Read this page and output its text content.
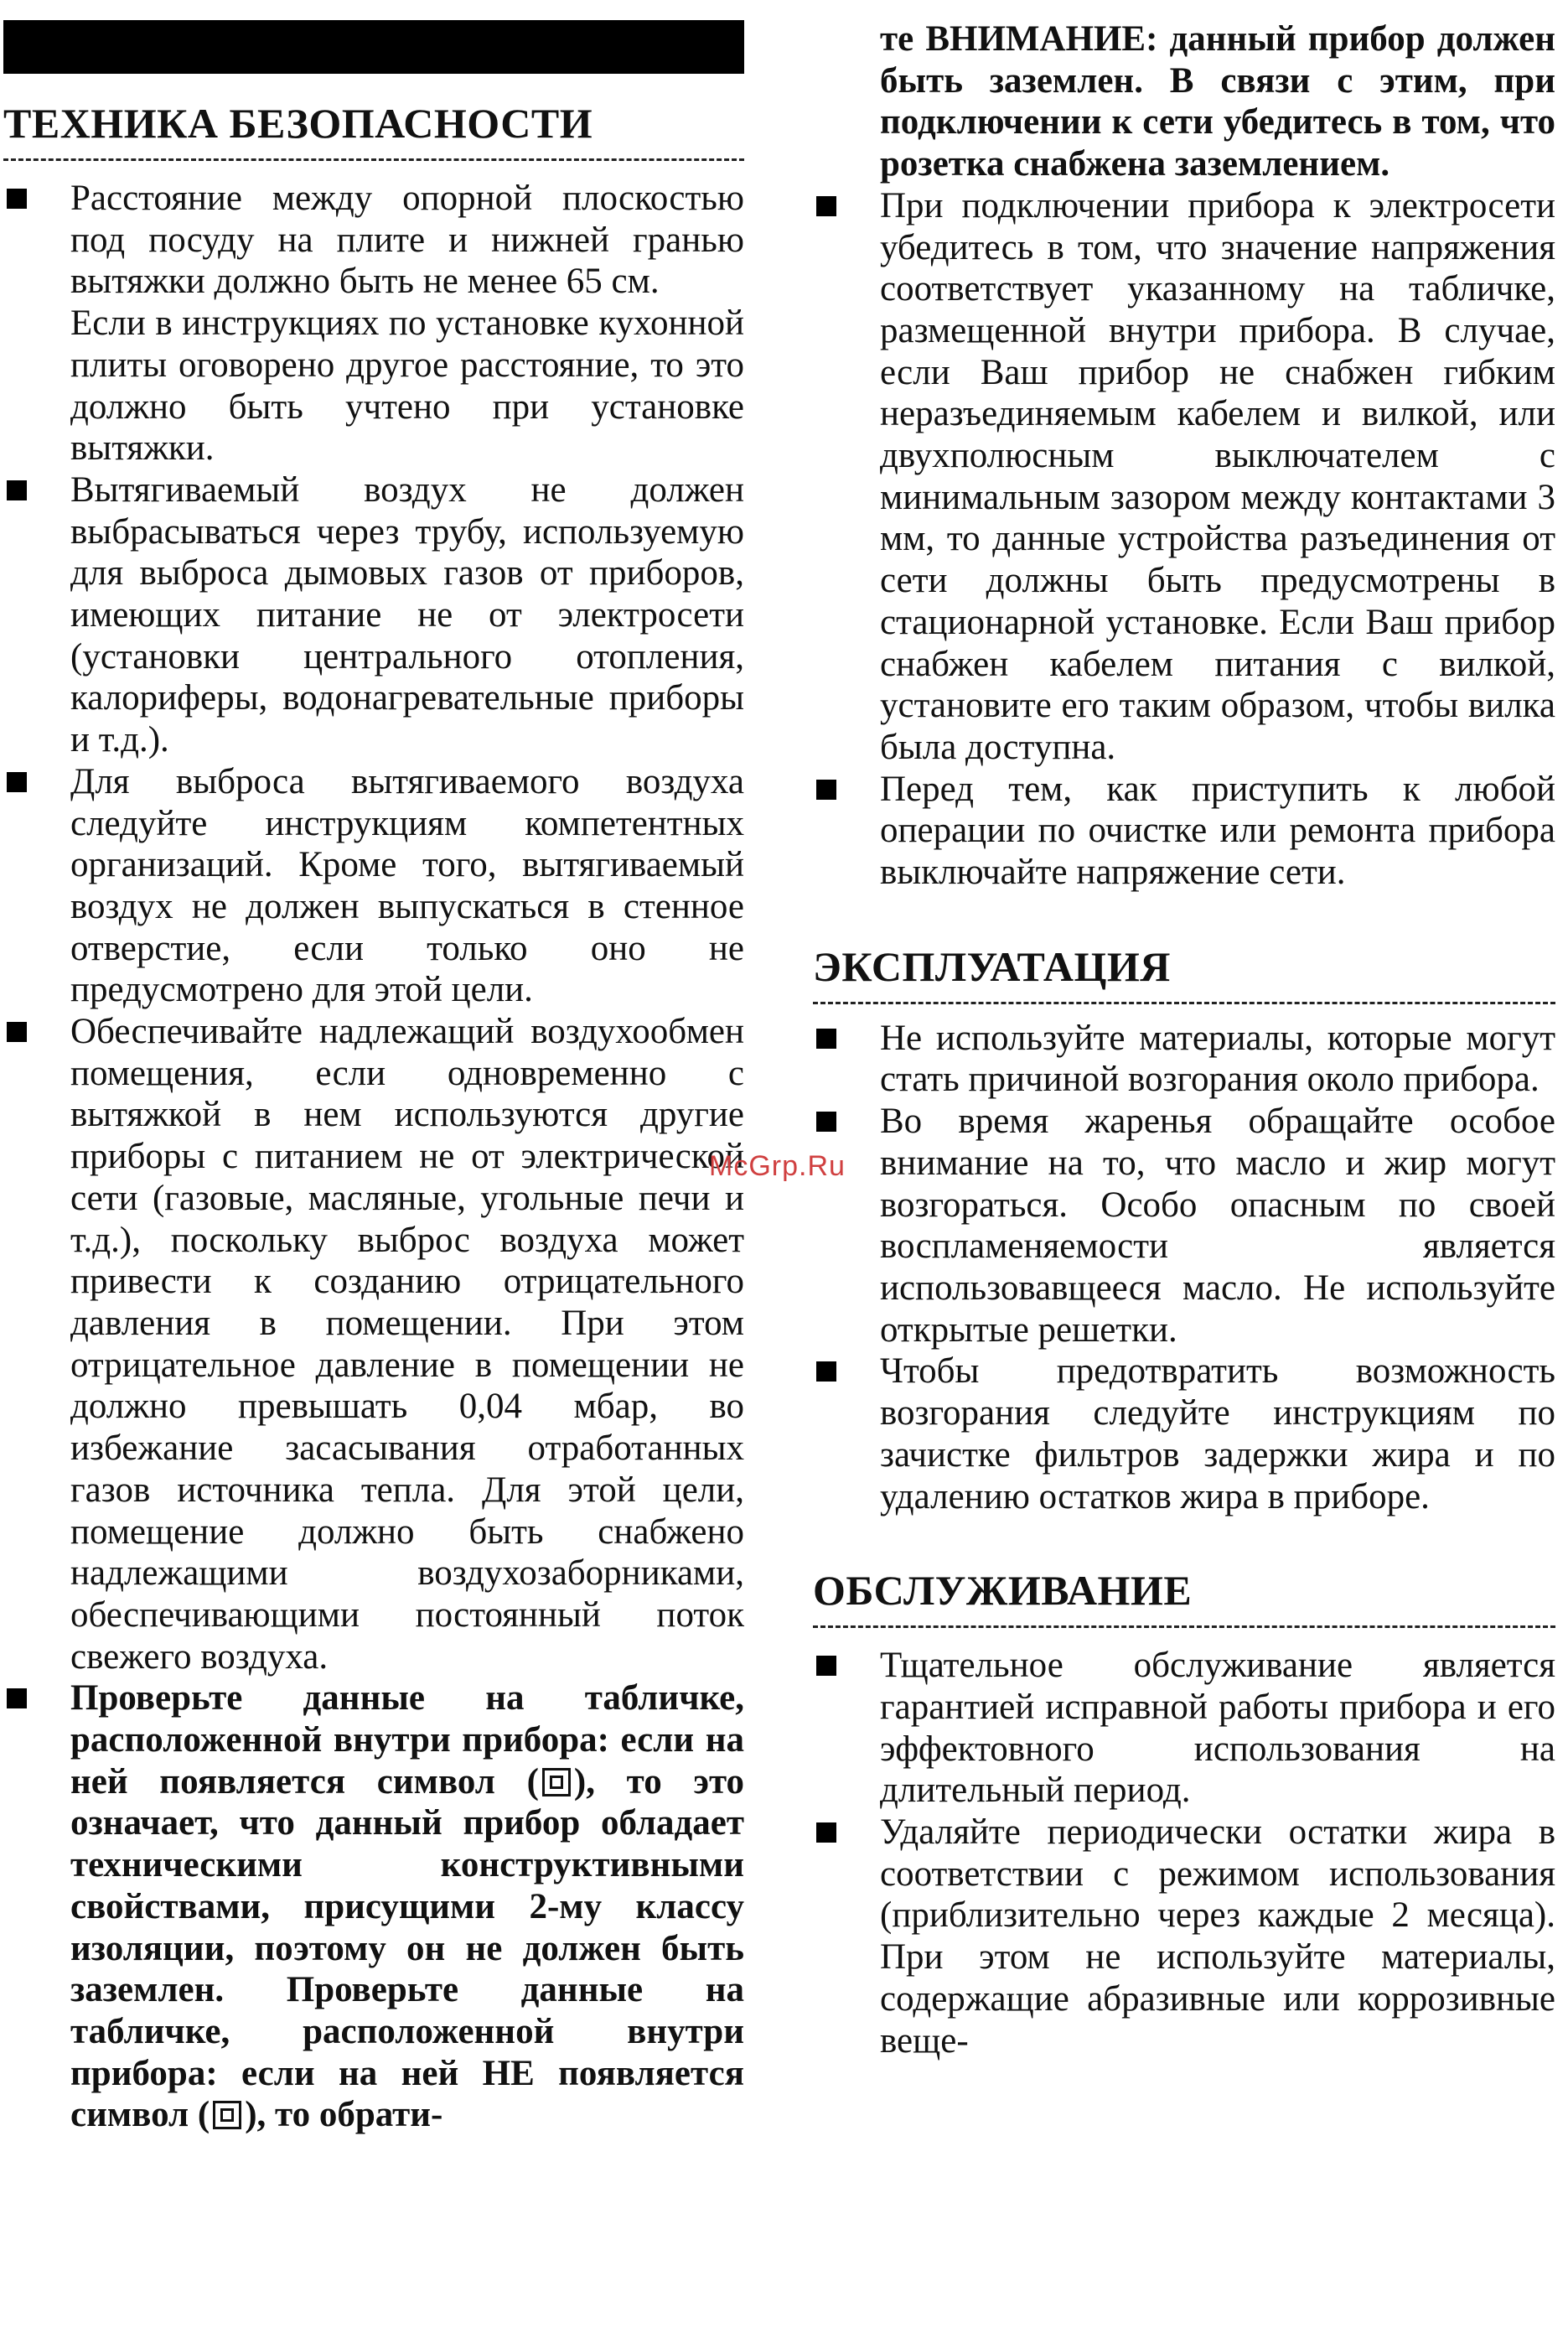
ТЕХНИКА БЕЗОПАСНОСТИ
Расстояние между опорной плоскостью под посуду на плите и нижней гранью вытяжки должно быть не менее 65 см.
Если в инструкциях по установке кухонной плиты оговорено другое расстояние, то это должно быть учтено при установке вытяжки.
Вытягиваемый воздух не должен выбрасываться через трубу, используемую для выброса дымовых газов от приборов, имеющих питание не от электросети (установки центрального отопления, калориферы, водонагревательные приборы и т.д.).
Для выброса вытягиваемого воздуха следуйте инструкциям компетентных организаций. Кроме того, вытягиваемый воздух не должен выпускаться в стенное отверстие, если только оно не предусмотрено для этой цели.
Обеспечивайте надлежащий воздухообмен помещения, если одновременно с вытяжкой в нем используются другие приборы с питанием не от электрической сети (газовые, масляные, угольные печи и т.д.), поскольку выброс воздуха может привести к созданию отрицательного давления в помещении. При этом отрицательное давление в помещении не должно превышать 0,04 мбар, во избежание засасывания отработанных газов источника тепла. Для этой цели, помещение должно быть снабжено надлежащими воздухозаборниками, обеспечивающими постоянный поток свежего воздуха.
Проверьте данные на табличке, расположенной внутри прибора: если на ней появляется символ ( ), то это означает, что данный прибор обладает техническими конструктивными свойствами, присущими 2-му классу изоляции, поэтому он не должен быть заземлен. Проверьте данные на табличке, расположенной внутри прибора: если на ней НЕ появляется символ ( ), то обрати-
те ВНИМАНИЕ: данный прибор должен быть заземлен. В связи с этим, при подключении к сети убедитесь в том, что розетка снабжена заземлением.
При подключении прибора к электросети убедитесь в том, что значение напряжения соответствует указанному на табличке, размещенной внутри прибора. В случае, если Ваш прибор не снабжен гибким неразъединяемым кабелем и вилкой, или двухполюсным выключателем с минимальным зазором между контактами 3 мм, то данные устройства разъединения от сети должны быть предусмотрены в стационарной установке. Если Ваш прибор снабжен кабелем питания с вилкой, установите его таким образом, чтобы вилка была доступна.
Перед тем, как приступить к любой операции по очистке или ремонта прибора выключайте напряжение сети.
ЭКСПЛУАТАЦИЯ
Не используйте материалы, которые могут стать причиной возгорания около прибора.
Во время жаренья обращайте особое внимание на то, что масло и жир могут возгораться. Особо опасным по своей воспламеняемости является использовавщееся масло. Не используйте открытые решетки.
Чтобы предотвратить возможность возгорания следуйте инструкциям по зачистке фильтров задержки жира и по удалению остатков жира в приборе.
ОБСЛУЖИВАНИЕ
Тщательное обслуживание является гарантией исправной работы прибора и его эффектовного использования на длительный период.
Удаляйте периодически остатки жира в соответствии с режимом использования (приблизительно через каждые 2 месяца). При этом не используйте материалы, содержащие абразивные или коррозивные веще-
McGrp.Ru
